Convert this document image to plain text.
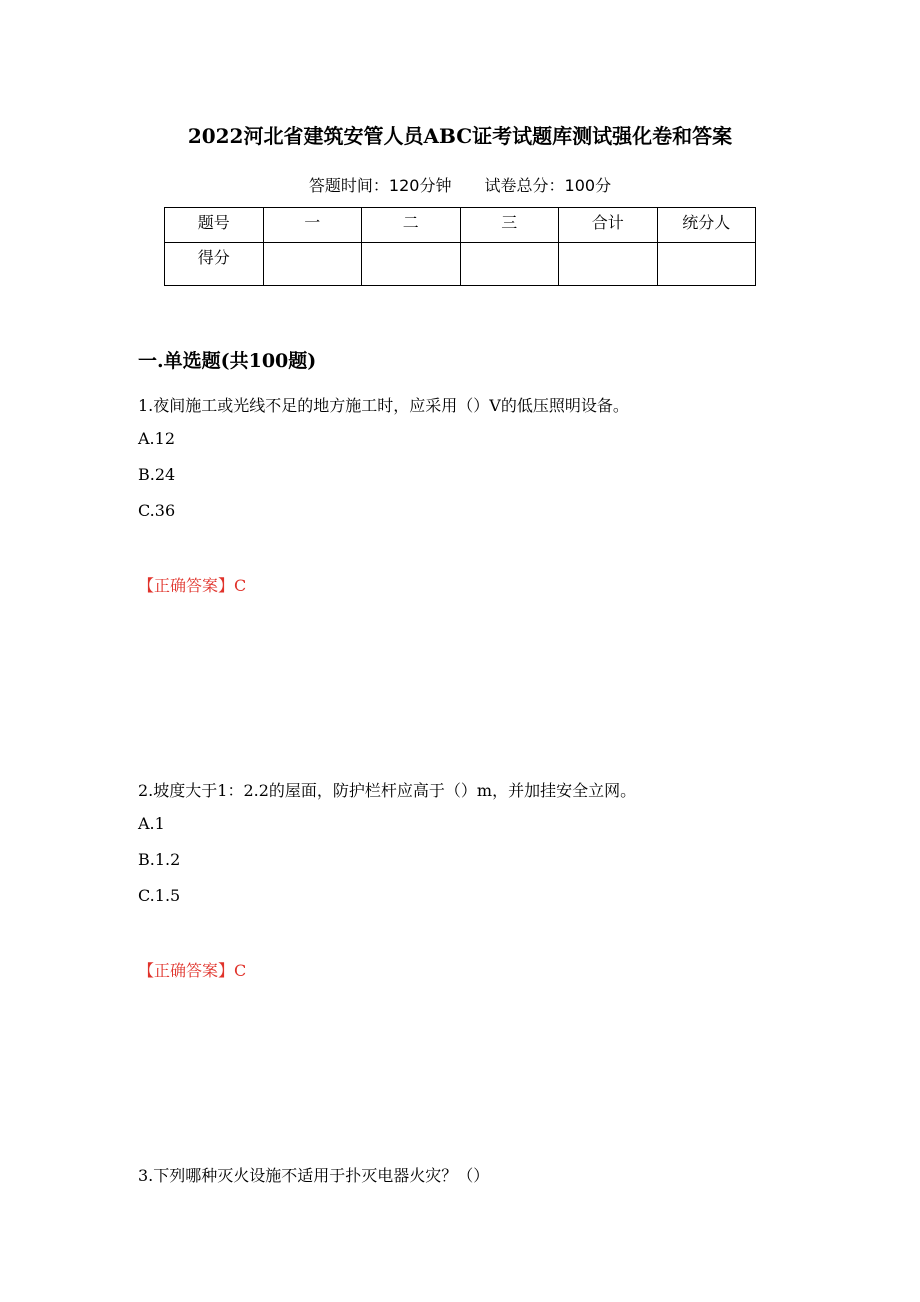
2022河北省建筑安管人员ABC证考试题库测试强化卷和答案
答题时间：120分钟 试卷总分：100分
题号	一	二	三	合计	统分人
得分					
一.单选题(共100题)
1.夜间施工或光线不足的地方施工时，应采用（）V的低压照明设备。
A.12
B.24
C.36
【正确答案】C
2.坡度大于1：2.2的屋面，防护栏杆应高于（）m，并加挂安全立网。
A.1
B.1.2
C.1.5
【正确答案】C
3.下列哪种灭火设施不适用于扑灭电器火灾？（）
